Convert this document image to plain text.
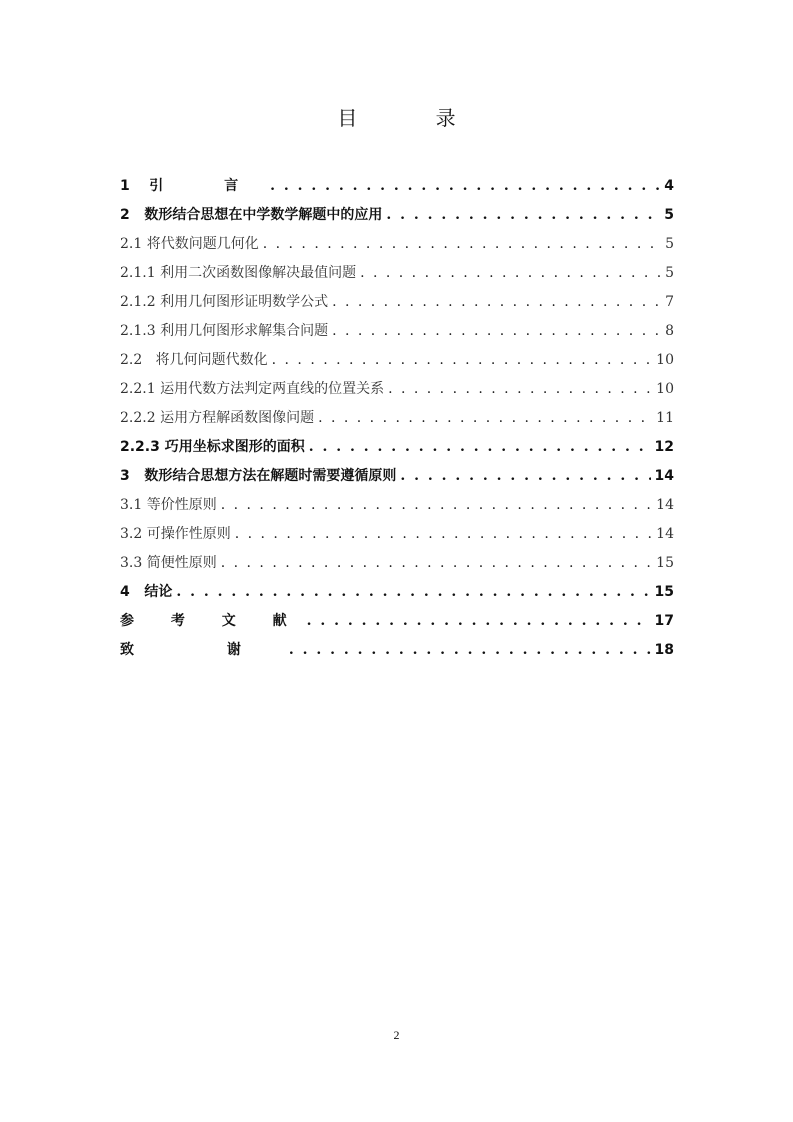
目 录
1 引 言 . . .	4
2 数形结合思想在中学数学解题中的应用 . . .	5
2.1 将代数问题几何化 . . .	5
2.1.1 利用二次函数图像解决最值问题 . . .	5
2.1.2 利用几何图形证明数学公式 . . .	7
2.1.3 利用几何图形求解集合问题 . . .	8
2.2 将几何问题代数化 . . .	10
2.2.1 运用代数方法判定两直线的位置关系 . . .	10
2.2.2 运用方程解函数图像问题 . . .	11
2.2.3 巧用坐标求图形的面积 . . .	12
3 数形结合思想方法在解题时需要遵循原则 . . .	14
3.1 等价性原则 . . .	14
3.2 可操作性原则 . . .	14
3.3 简便性原则 . . .	15
4 结论 . . .	15
参 考 文 献 . . .	17
致 谢 . . .	18
2
